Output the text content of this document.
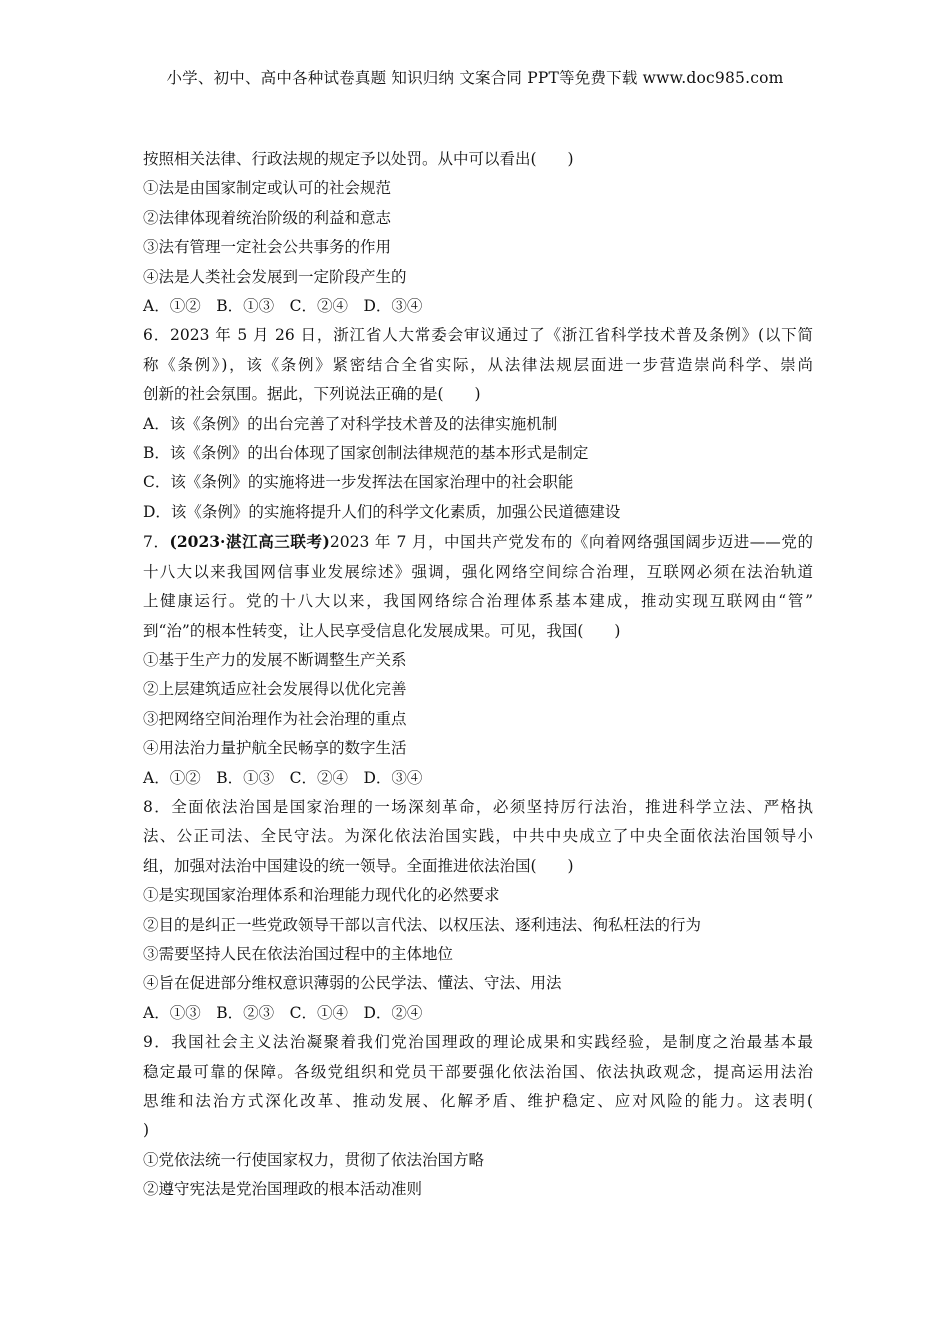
小学、初中、高中各种试卷真题 知识归纳 文案合同 PPT等免费下载 www.doc985.com
按照相关法律、行政法规的规定予以处罚。从中可以看出(　　)
①法是由国家制定或认可的社会规范
②法律体现着统治阶级的利益和意志
③法有管理一定社会公共事务的作用
④法是人类社会发展到一定阶段产生的
A．①②　B．①③　C．②④　D．③④
6．2023 年 5 月 26 日，浙江省人大常委会审议通过了《浙江省科学技术普及条例》(以下简
称《条例》)，该《条例》紧密结合全省实际，从法律法规层面进一步营造崇尚科学、崇尚
创新的社会氛围。据此，下列说法正确的是(　　)
A．该《条例》的出台完善了对科学技术普及的法律实施机制
B．该《条例》的出台体现了国家创制法律规范的基本形式是制定
C．该《条例》的实施将进一步发挥法在国家治理中的社会职能
D．该《条例》的实施将提升人们的科学文化素质，加强公民道德建设
7．(2023·湛江高三联考)2023 年 7 月，中国共产党发布的《向着网络强国阔步迈进——党的
十八大以来我国网信事业发展综述》强调，强化网络空间综合治理，互联网必须在法治轨道
上健康运行。党的十八大以来，我国网络综合治理体系基本建成，推动实现互联网由“管”
到“治”的根本性转变，让人民享受信息化发展成果。可见，我国(　　)
①基于生产力的发展不断调整生产关系
②上层建筑适应社会发展得以优化完善
③把网络空间治理作为社会治理的重点
④用法治力量护航全民畅享的数字生活
A．①②　B．①③　C．②④　D．③④
8．全面依法治国是国家治理的一场深刻革命，必须坚持厉行法治，推进科学立法、严格执
法、公正司法、全民守法。为深化依法治国实践，中共中央成立了中央全面依法治国领导小
组，加强对法治中国建设的统一领导。全面推进依法治国(　　)
①是实现国家治理体系和治理能力现代化的必然要求
②目的是纠正一些党政领导干部以言代法、以权压法、逐利违法、徇私枉法的行为
③需要坚持人民在依法治国过程中的主体地位
④旨在促进部分维权意识薄弱的公民学法、懂法、守法、用法
A．①③　B．②③　C．①④　D．②④
9．我国社会主义法治凝聚着我们党治国理政的理论成果和实践经验，是制度之治最基本最
稳定最可靠的保障。各级党组织和党员干部要强化依法治国、依法执政观念，提高运用法治
思维和法治方式深化改革、推动发展、化解矛盾、维护稳定、应对风险的能力。这表明(
)
①党依法统一行使国家权力，贯彻了依法治国方略
②遵守宪法是党治国理政的根本活动准则
